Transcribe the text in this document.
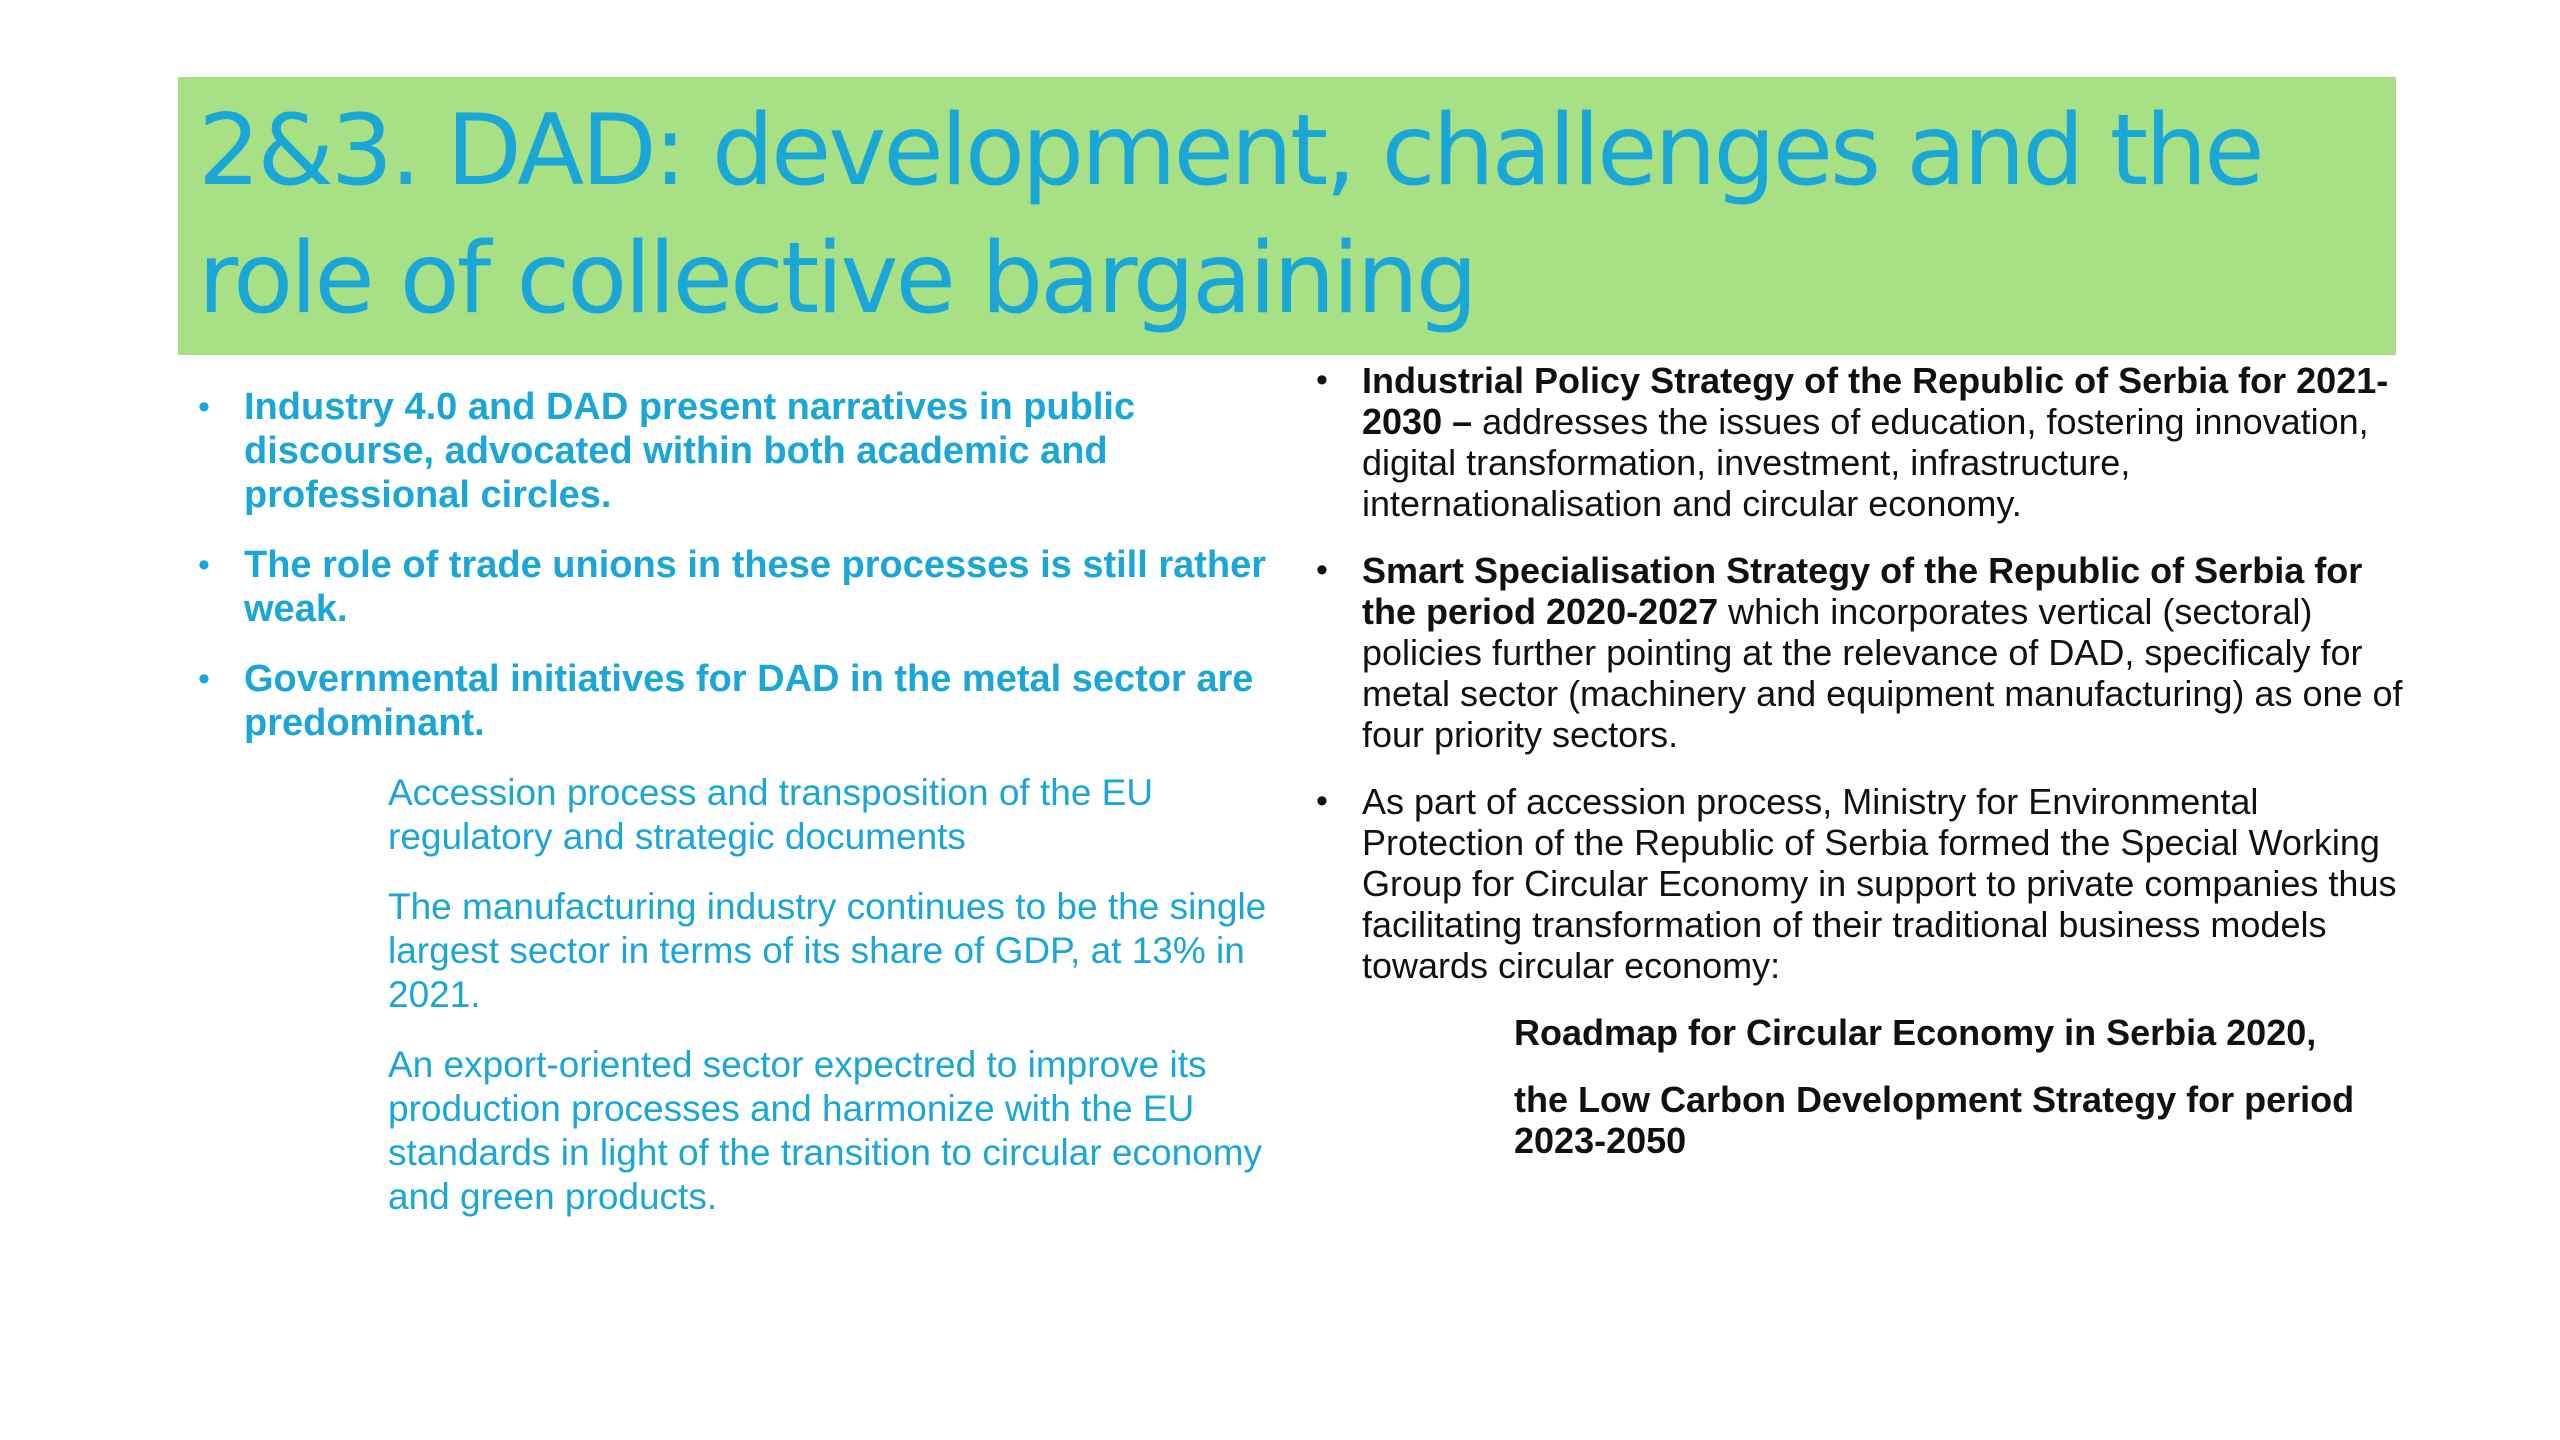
2&3. DAD: development, challenges and the
role of collective bargaining
• Industry 4.0 and DAD present narratives in public discourse, advocated within both academic and professional circles.
• The role of trade unions in these processes is still rather weak.
• Governmental initiatives for DAD in the metal sector are predominant.

Accession process and transposition of the EU regulatory and strategic documents

The manufacturing industry continues to be the single largest sector in terms of its share of GDP, at 13% in 2021.

An export-oriented sector expectred to improve its production processes and harmonize with the EU standards in light of the transition to circular economy and green products.

• Industrial Policy Strategy of the Republic of Serbia for 2021-2030 – addresses the issues of education, fostering innovation, digital transformation, investment, infrastructure, internationalisation and circular economy.
• Smart Specialisation Strategy of the Republic of Serbia for the period 2020-2027 which incorporates vertical (sectoral) policies further pointing at the relevance of DAD, specificaly for metal sector (machinery and equipment manufacturing) as one of four priority sectors.
• As part of accession process, Ministry for Environmental Protection of the Republic of Serbia formed the Special Working Group for Circular Economy in support to private companies thus facilitating transformation of their traditional business models towards circular economy:

Roadmap for Circular Economy in Serbia 2020,

the Low Carbon Development Strategy for period 2023-2050
